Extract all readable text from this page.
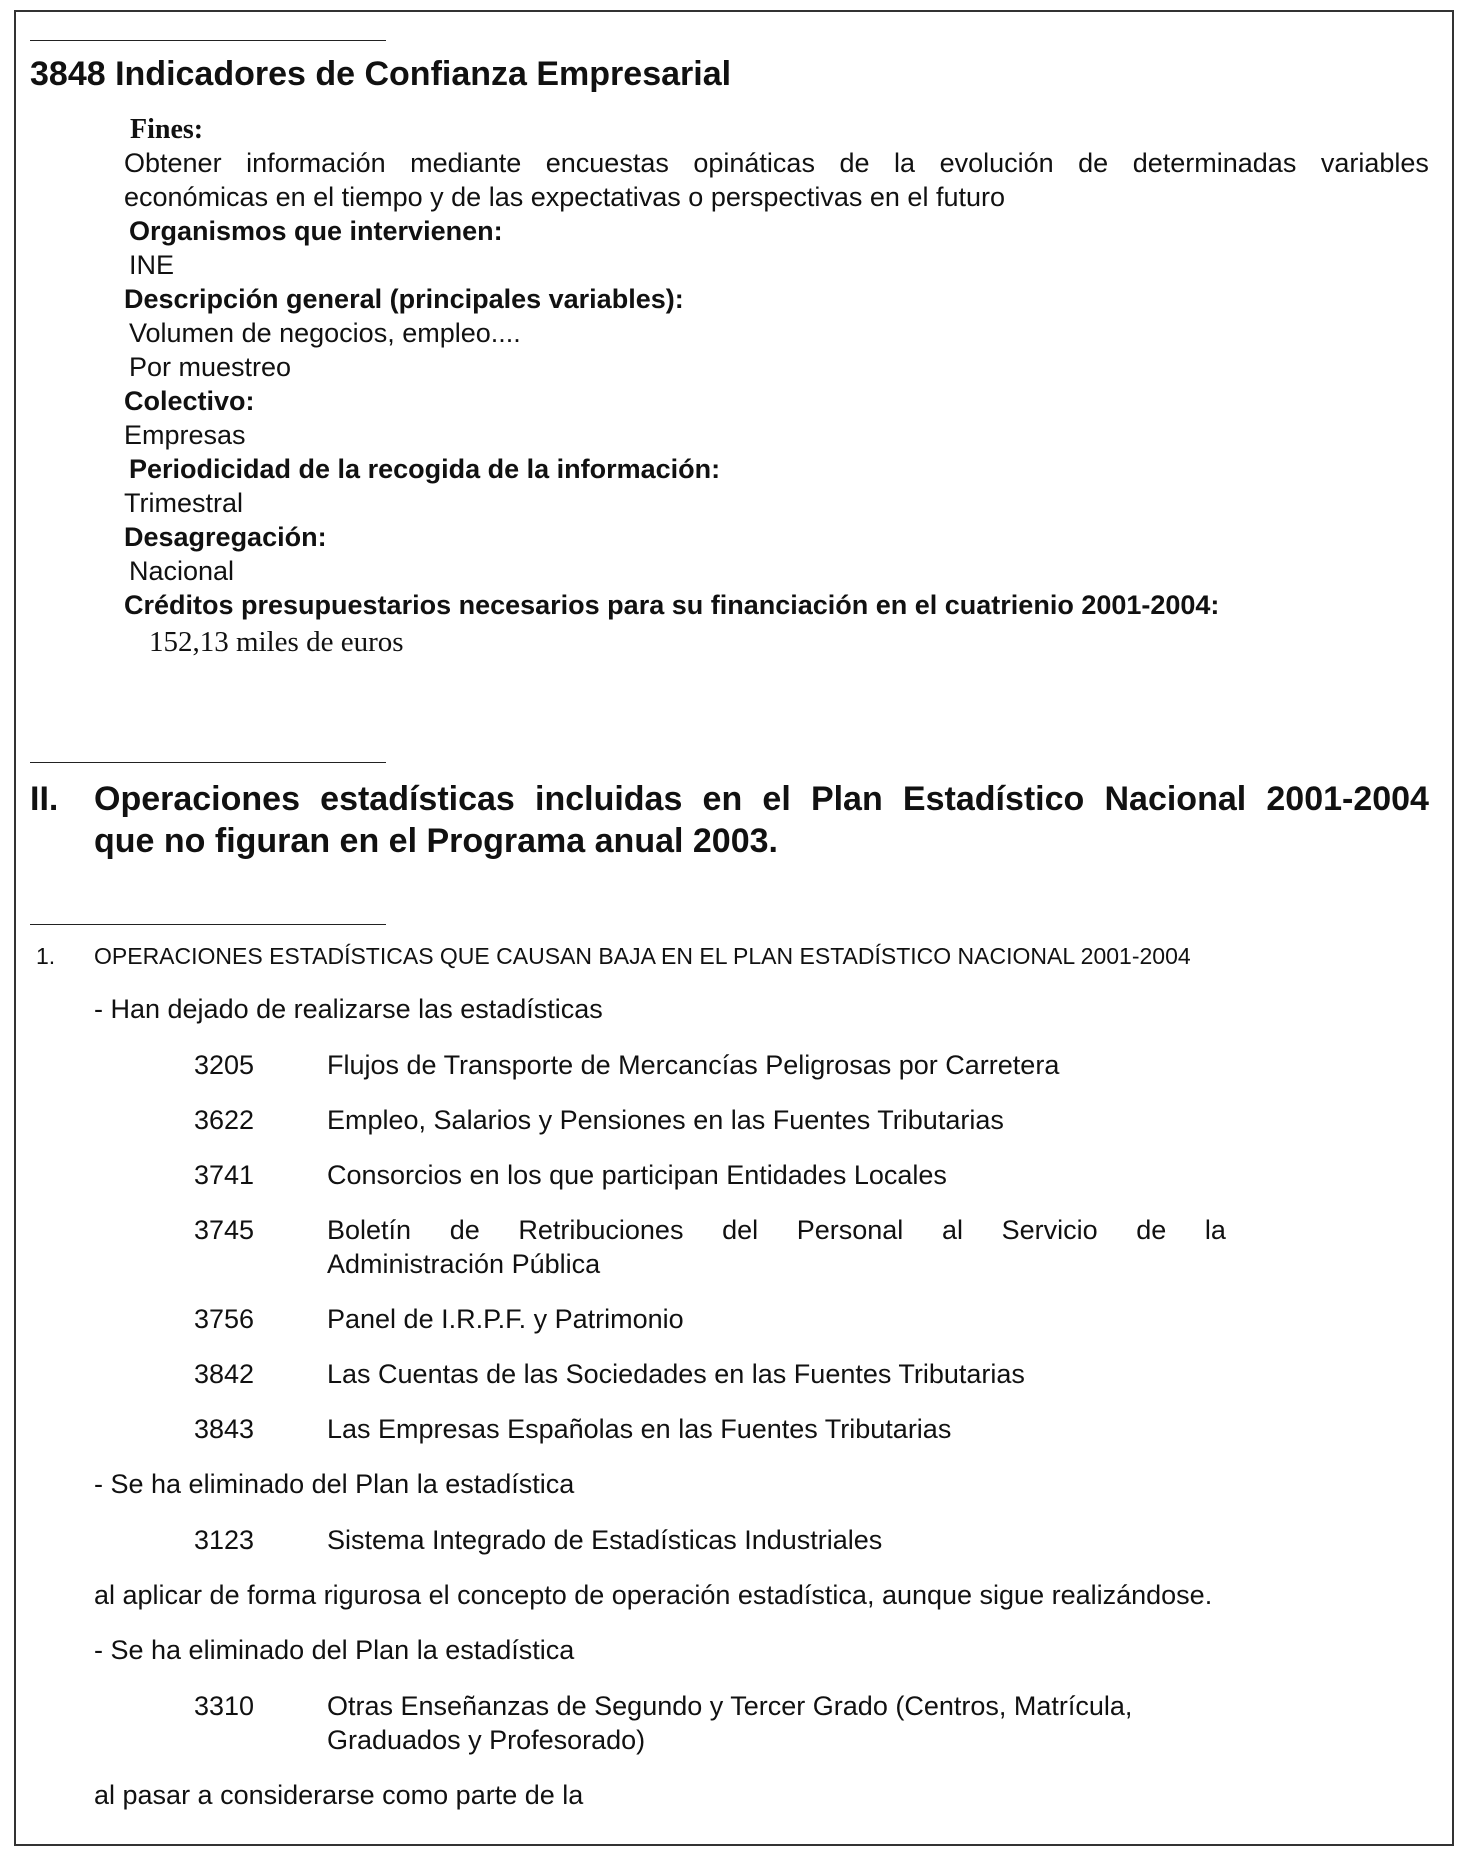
3848 Indicadores de Confianza Empresarial
Fines:
Obtener información mediante encuestas opináticas de la evolución de determinadas variables
económicas en el tiempo y de las expectativas o perspectivas en el futuro
Organismos que intervienen:
INE
Descripción general (principales variables):
Volumen de negocios, empleo....
Por muestreo
Colectivo:
Empresas
Periodicidad de la recogida de la información:
Trimestral
Desagregación:
Nacional
Créditos presupuestarios necesarios para su financiación en el cuatrienio 2001-2004:
152,13 miles de euros
II. Operaciones estadísticas incluidas en el Plan Estadístico Nacional 2001-2004
que no figuran en el Programa anual 2003.
1. OPERACIONES ESTADÍSTICAS QUE CAUSAN BAJA EN EL PLAN ESTADÍSTICO NACIONAL 2001-2004
- Han dejado de realizarse las estadísticas
3205	Flujos de Transporte de Mercancías Peligrosas por Carretera
3622	Empleo, Salarios y Pensiones en las Fuentes Tributarias
3741	Consorcios en los que participan Entidades Locales
3745	Boletín de Retribuciones del Personal al Servicio de la
Administración Pública
3756	Panel de I.R.P.F. y Patrimonio
3842	Las Cuentas de las Sociedades en las Fuentes Tributarias
3843	Las Empresas Españolas en las Fuentes Tributarias
- Se ha eliminado del Plan la estadística
3123	Sistema Integrado de Estadísticas Industriales
al aplicar de forma rigurosa el concepto de operación estadística, aunque sigue realizándose.
- Se ha eliminado del Plan la estadística
3310	Otras Enseñanzas de Segundo y Tercer Grado (Centros, Matrícula,
Graduados y Profesorado)
al pasar a considerarse como parte de la
